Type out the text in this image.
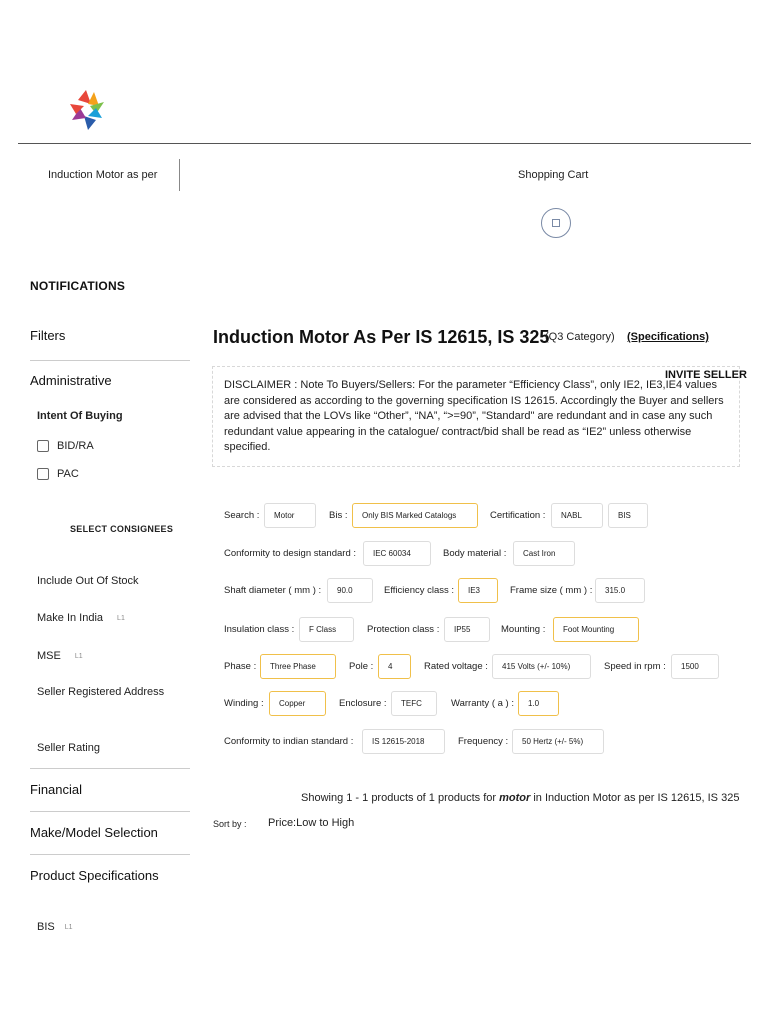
Induction Motor as per	Shopping Cart
NOTIFICATIONS
Filters
Administrative
Intent Of Buying
BID/RA
PAC
SELECT CONSIGNEES
Include Out Of Stock
Make In India L1
MSE L1
Seller Registered Address
Seller Rating
Financial
Make/Model Selection
Product Specifications
BIS L1
Induction Motor As Per IS 12615, IS 325
(Q3 Category) (Specifications)
INVITE SELLER
DISCLAIMER : Note To Buyers/Sellers: For the parameter “Efficiency Class”, only IE2, IE3,IE4 values are considered as according to the governing specification IS 12615. Accordingly the Buyer and sellers are advised that the LOVs like “Other”, “NA”, “>=90”, "Standard" are redundant and in case any such redundant value appearing in the catalogue/ contract/bid shall be read as “IE2” unless otherwise specified.
Search :	Motor	Bis :	Only BIS Marked Catalogs	Certification :	NABL	BIS
Conformity to design standard :	IEC 60034	Body material :	Cast Iron
Shaft diameter ( mm ) :	90.0	Efficiency class :	IE3	Frame size ( mm ) :	315.0
Insulation class :	F Class	Protection class :	IP55	Mounting :	Foot Mounting
Phase :	Three Phase	Pole :	4	Rated voltage :	415 Volts (+/- 10%)	Speed in rpm :	1500
Winding :	Copper	Enclosure :	TEFC	Warranty ( a ) :	1.0
Conformity to indian standard :	IS 12615-2018	Frequency :	50 Hertz (+/- 5%)
Showing 1 - 1 products of 1 products for motor in Induction Motor as per IS 12615, IS 325
Sort by : Price:Low to High
